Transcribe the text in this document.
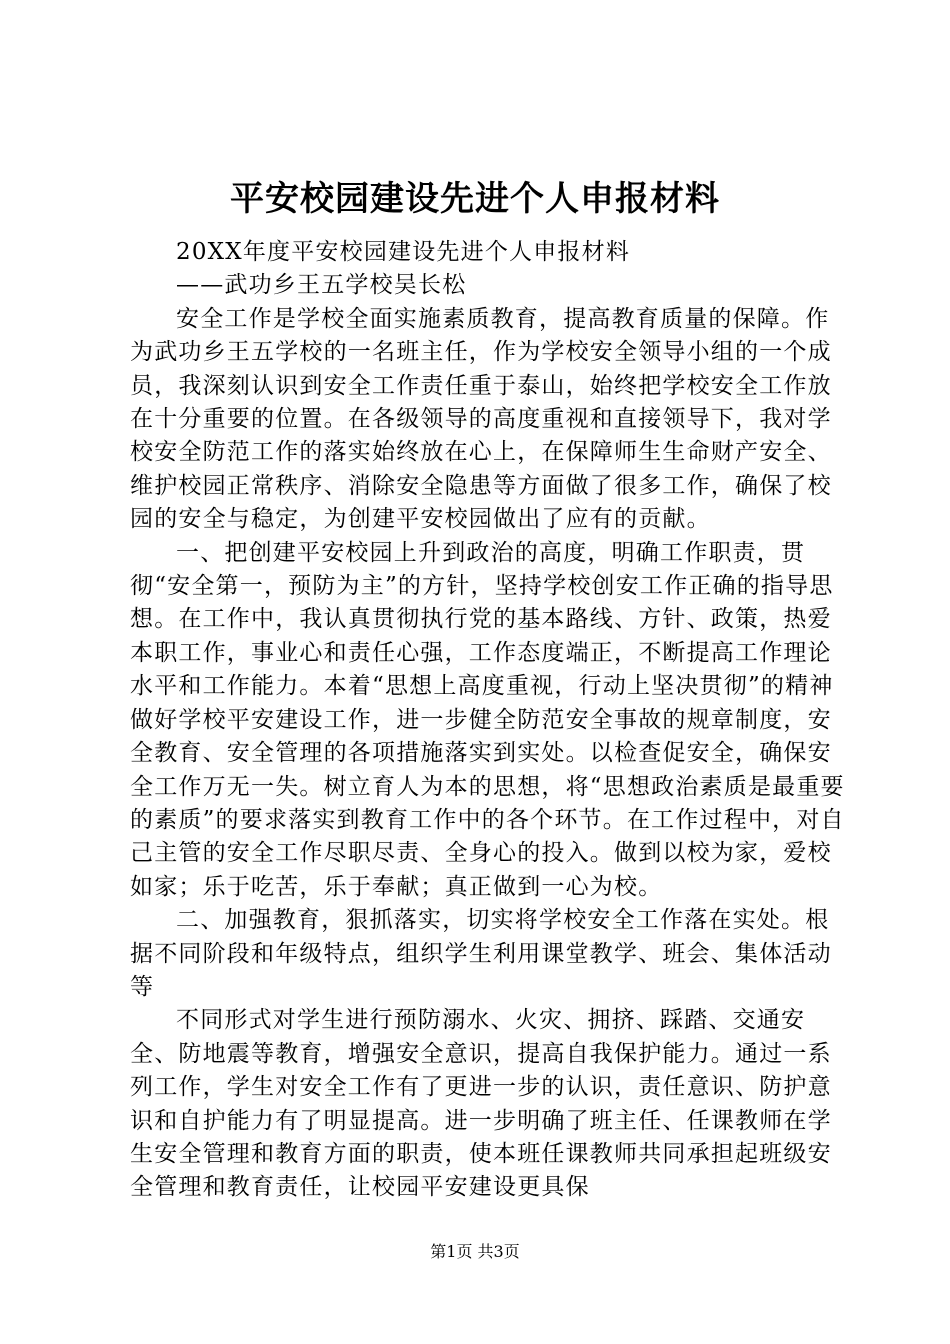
平安校园建设先进个人申报材料

20XX年度平安校园建设先进个人申报材料

——武功乡王五学校吴长松

安全工作是学校全面实施素质教育，提高教育质量的保障。作为武功乡王五学校的一名班主任，作为学校安全领导小组的一个成员，我深刻认识到安全工作责任重于泰山，始终把学校安全工作放在十分重要的位置。在各级领导的高度重视和直接领导下，我对学校安全防范工作的落实始终放在心上，在保障师生生命财产安全、维护校园正常秩序、消除安全隐患等方面做了很多工作，确保了校园的安全与稳定，为创建平安校园做出了应有的贡献。

一、把创建平安校园上升到政治的高度，明确工作职责，贯彻“安全第一，预防为主”的方针，坚持学校创安工作正确的指导思想。在工作中，我认真贯彻执行党的基本路线、方针、政策，热爱本职工作，事业心和责任心强，工作态度端正，不断提高工作理论水平和工作能力。本着“思想上高度重视，行动上坚决贯彻”的精神做好学校平安建设工作，进一步健全防范安全事故的规章制度，安全教育、安全管理的各项措施落实到实处。以检查促安全，确保安全工作万无一失。树立育人为本的思想，将“思想政治素质是最重要的素质”的要求落实到教育工作中的各个环节。在工作过程中，对自己主管的安全工作尽职尽责、全身心的投入。做到以校为家，爱校如家；乐于吃苦，乐于奉献；真正做到一心为校。

二、加强教育，狠抓落实，切实将学校安全工作落在实处。根据不同阶段和年级特点，组织学生利用课堂教学、班会、集体活动等

不同形式对学生进行预防溺水、火灾、拥挤、踩踏、交通安全、防地震等教育，增强安全意识，提高自我保护能力。通过一系列工作，学生对安全工作有了更进一步的认识，责任意识、防护意识和自护能力有了明显提高。进一步明确了班主任、任课教师在学生安全管理和教育方面的职责，使本班任课教师共同承担起班级安全管理和教育责任，让校园平安建设更具保

第1页 共3页
